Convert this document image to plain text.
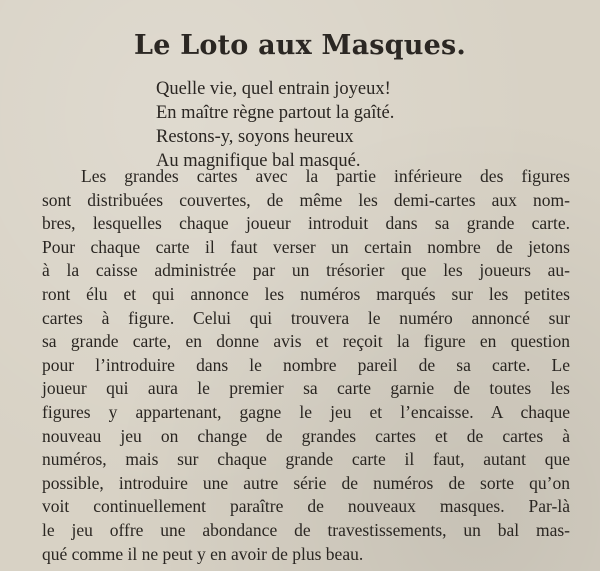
Le Loto aux Masques.
Quelle vie, quel entrain joyeux!
En maître règne partout la gaîté.
Restons-y, soyons heureux
Au magnifique bal masqué.
Les grandes cartes avec la partie inférieure des figures
sont distribuées couvertes, de même les demi-cartes aux nom-
bres, lesquelles chaque joueur introduit dans sa grande carte.
Pour chaque carte il faut verser un certain nombre de jetons
à la caisse administrée par un trésorier que les joueurs au-
ront élu et qui annonce les numéros marqués sur les petites
cartes à figure. Celui qui trouvera le numéro annoncé sur
sa grande carte, en donne avis et reçoit la figure en question
pour l’introduire dans le nombre pareil de sa carte. Le
joueur qui aura le premier sa carte garnie de toutes les
figures y appartenant, gagne le jeu et l’encaisse. A chaque
nouveau jeu on change de grandes cartes et de cartes à
numéros, mais sur chaque grande carte il faut, autant que
possible, introduire une autre série de numéros de sorte qu’on
voit continuellement paraître de nouveaux masques. Par-là
le jeu offre une abondance de travestissements, un bal mas-
qué comme il ne peut y en avoir de plus beau.
